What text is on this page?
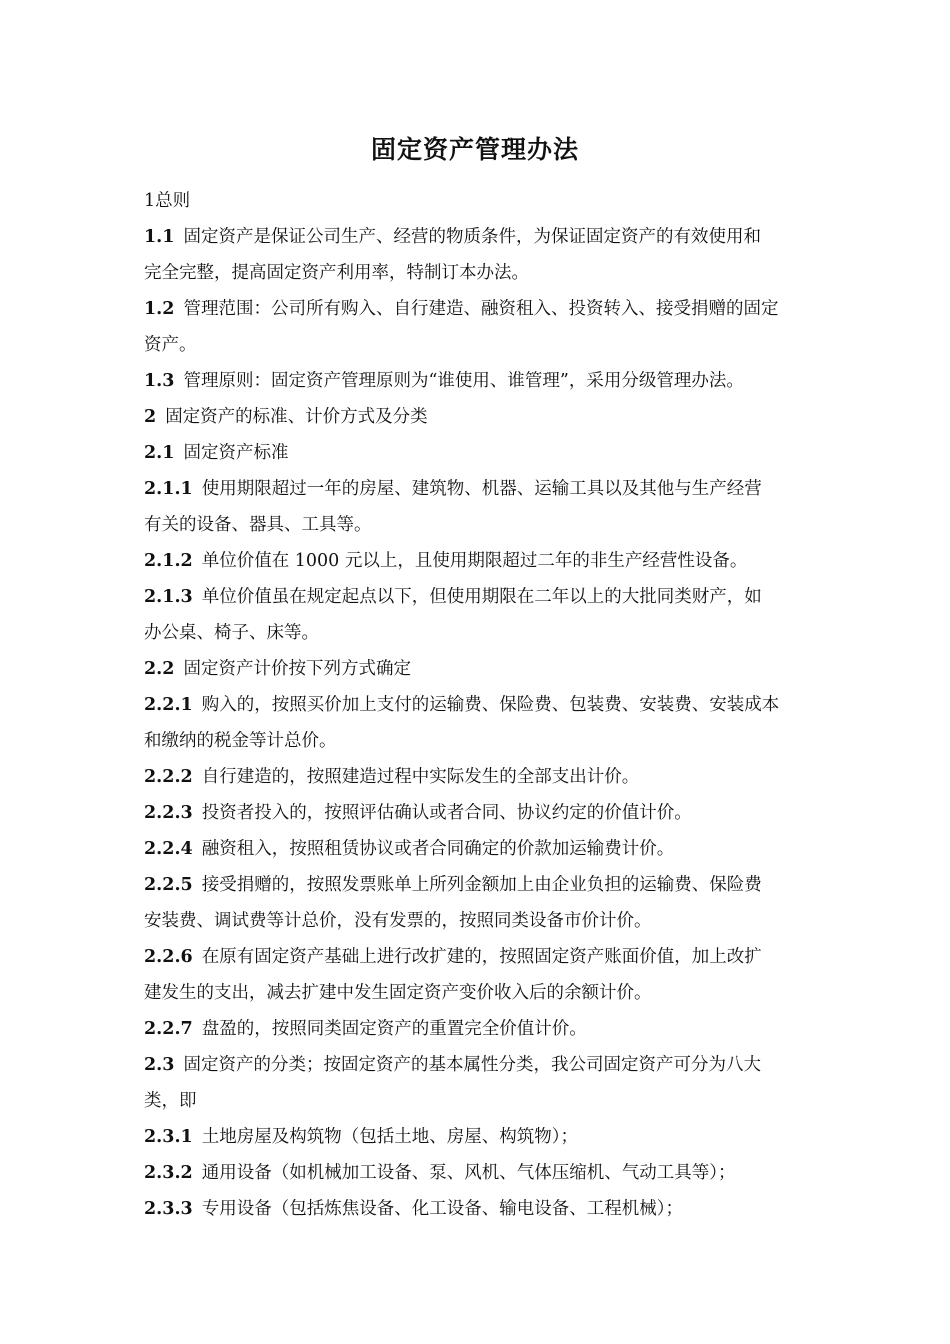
固定资产管理办法
1总则
1.1 固定资产是保证公司生产、经营的物质条件，为保证固定资产的有效使用和
完全完整，提高固定资产利用率，特制订本办法。
1.2 管理范围：公司所有购入、自行建造、融资租入、投资转入、接受捐赠的固定
资产。
1.3 管理原则：固定资产管理原则为“谁使用、谁管理”，采用分级管理办法。
2 固定资产的标准、计价方式及分类
2.1 固定资产标准
2.1.1 使用期限超过一年的房屋、建筑物、机器、运输工具以及其他与生产经营
有关的设备、器具、工具等。
2.1.2 单位价值在 1000 元以上，且使用期限超过二年的非生产经营性设备。
2.1.3 单位价值虽在规定起点以下，但使用期限在二年以上的大批同类财产，如
办公桌、椅子、床等。
2.2 固定资产计价按下列方式确定
2.2.1 购入的，按照买价加上支付的运输费、保险费、包装费、安装费、安装成本
和缴纳的税金等计总价。
2.2.2 自行建造的，按照建造过程中实际发生的全部支出计价。
2.2.3 投资者投入的，按照评估确认或者合同、协议约定的价值计价。
2.2.4 融资租入，按照租赁协议或者合同确定的价款加运输费计价。
2.2.5 接受捐赠的，按照发票账单上所列金额加上由企业负担的运输费、保险费
安装费、调试费等计总价，没有发票的，按照同类设备市价计价。
2.2.6 在原有固定资产基础上进行改扩建的，按照固定资产账面价值，加上改扩
建发生的支出，减去扩建中发生固定资产变价收入后的余额计价。
2.2.7 盘盈的，按照同类固定资产的重置完全价值计价。
2.3 固定资产的分类；按固定资产的基本属性分类，我公司固定资产可分为八大
类，即
2.3.1 土地房屋及构筑物（包括土地、房屋、构筑物）；
2.3.2 通用设备（如机械加工设备、泵、风机、气体压缩机、气动工具等）；
2.3.3 专用设备（包括炼焦设备、化工设备、输电设备、工程机械）；
